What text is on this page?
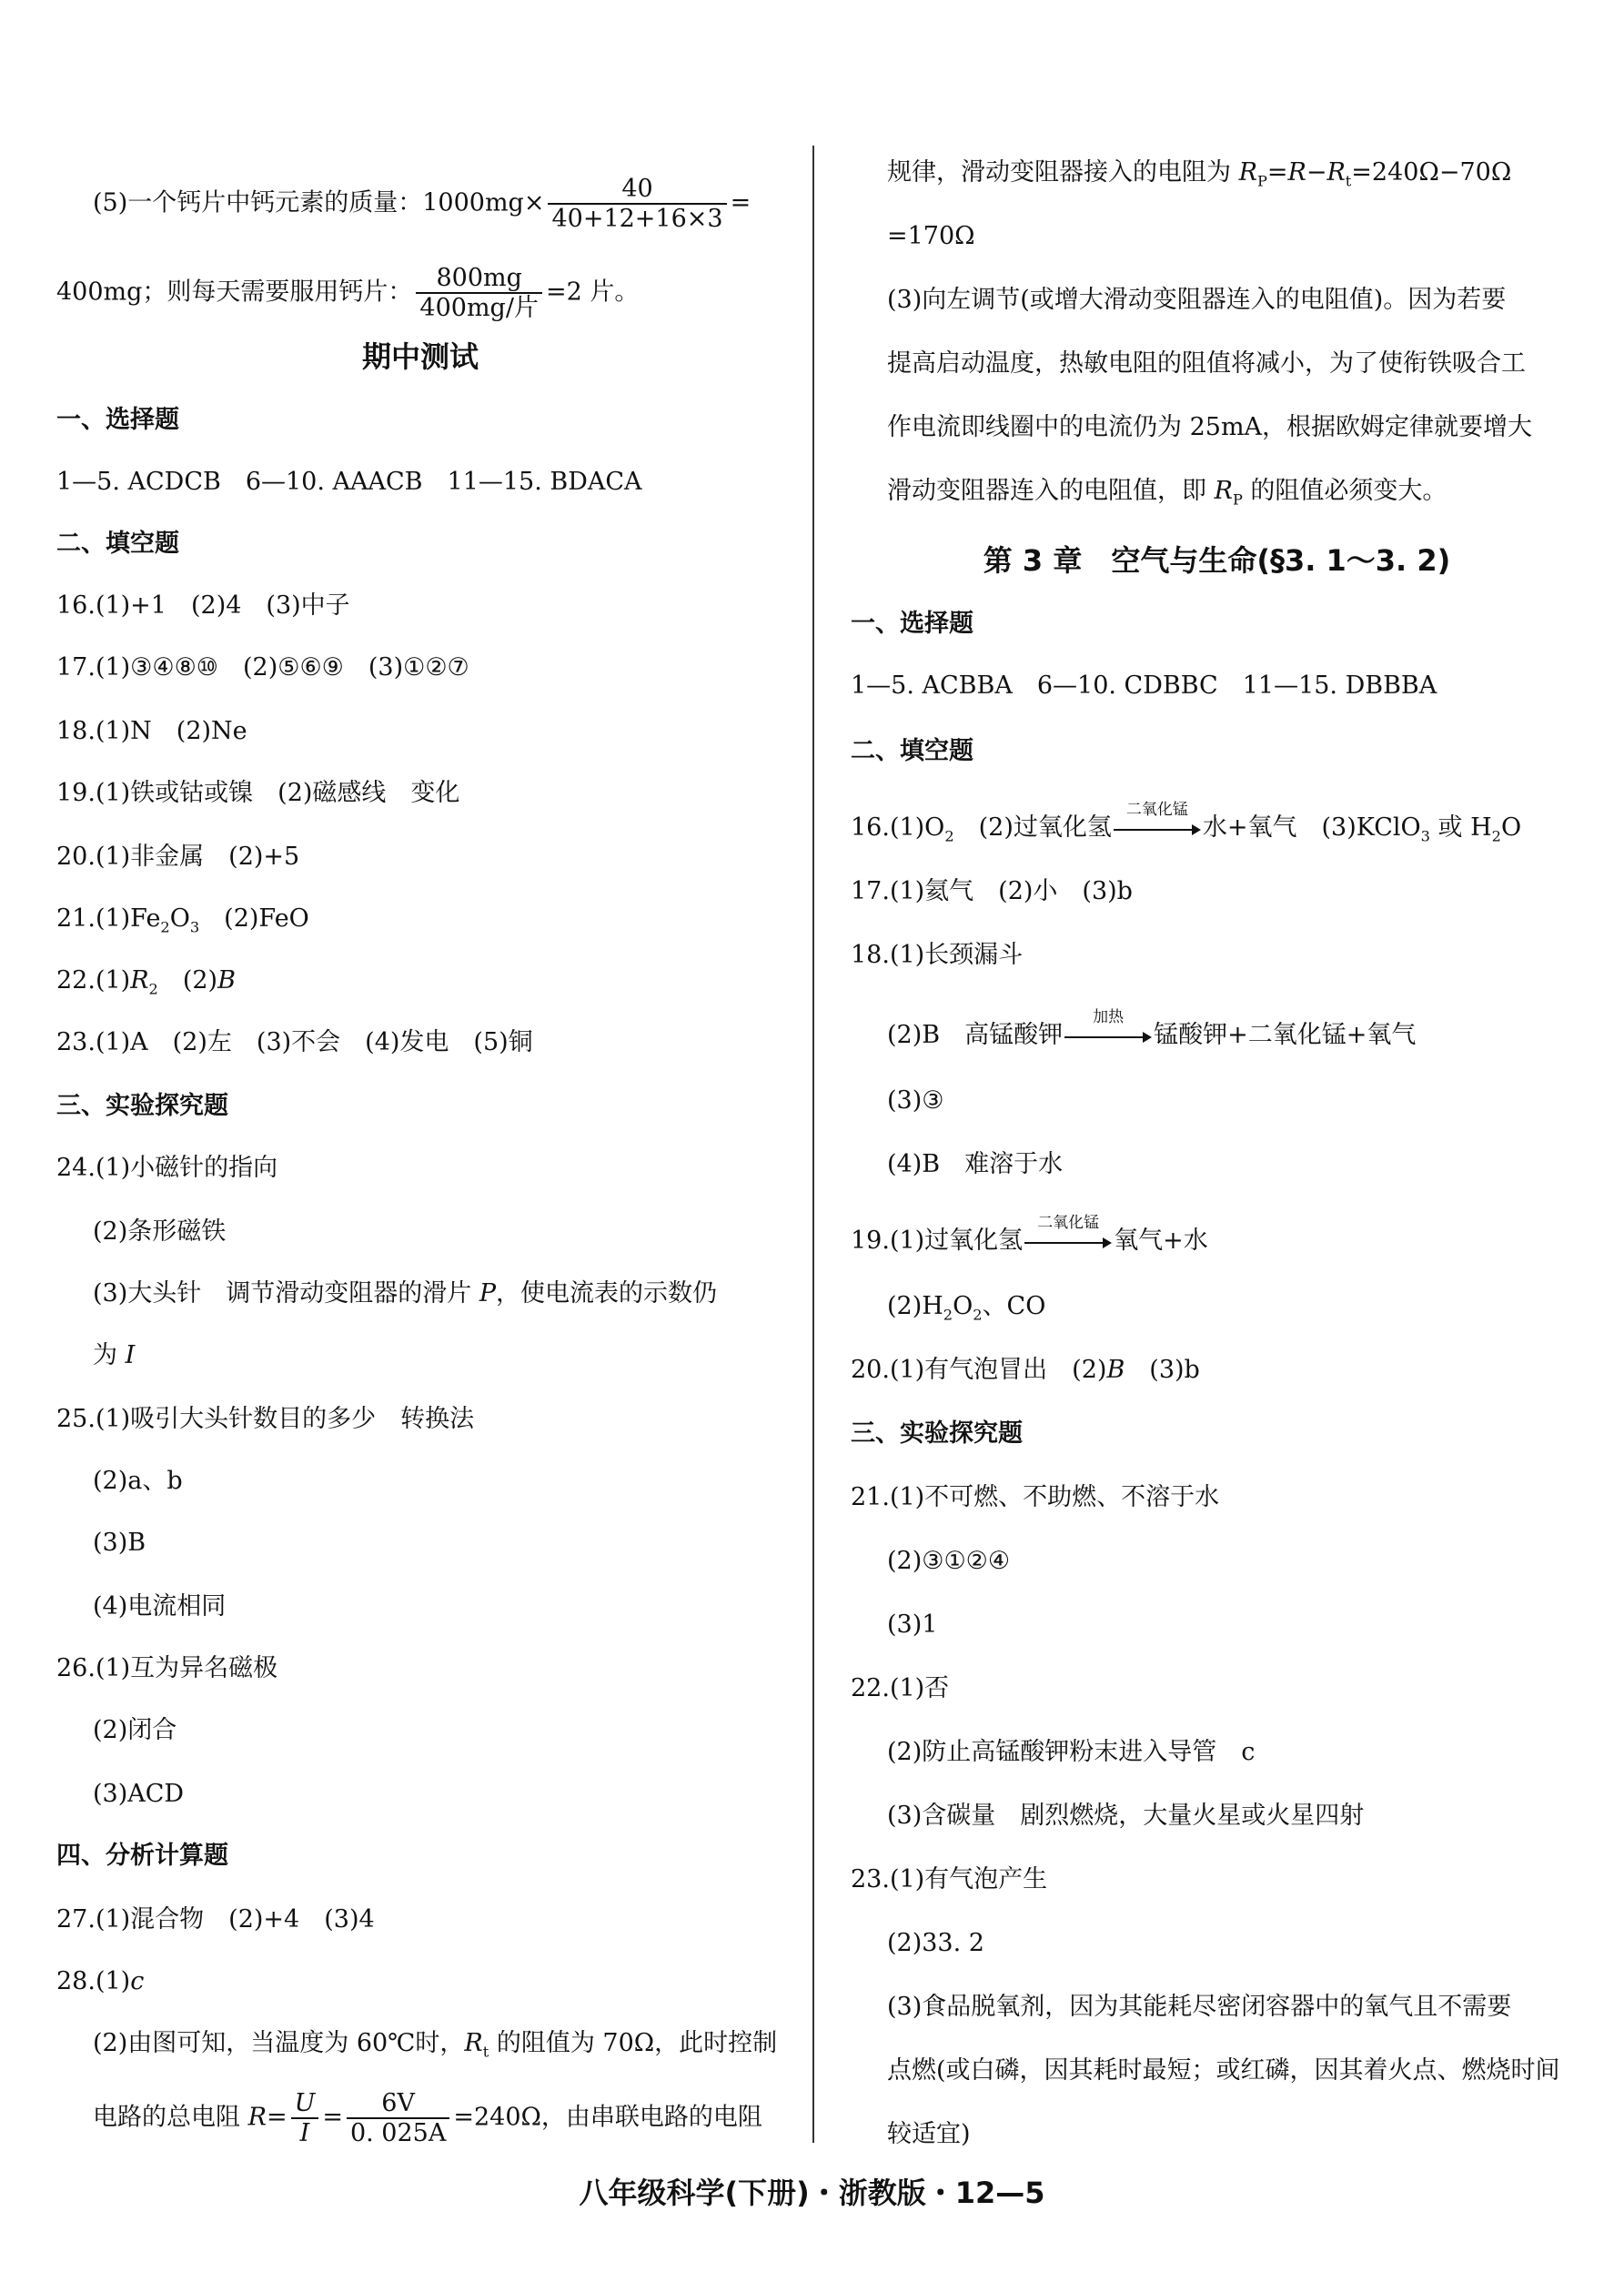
(5)一个钙片中钙元素的质量：$1000mg\times \frac{40}{40+12+16\times 3}$ =
400mg；则每天需要服用钙片： $\frac{800mg}{\text{400mg/片}} =2$ 片。
期中测试
一、选择题
1—5. ACDCB　6—10. AAACB　11—15. BDACA
二、填空题
16.(1)+1　(2)4　(3)中子
17.(1)③④⑧⑩　(2)⑤⑥⑨　(3)①②⑦
18.(1)N　(2)Ne
19.(1)铁或钴或镍　(2)磁感线　变化
20.(1)非金属　(2)+5
$21.(1)Fe_2O_3$　(2)FeO
$22.(1)R_2$　(2)B
23.(1)A　(2)左　(3)不会　(4)发电　(5)铜
三、实验探究题
24.(1)小磁针的指向
(2)条形磁铁
(3)大头针　调节滑动变阻器的滑片 P，使电流表的示数仍
为 I
25.(1)吸引大头针数目的多少　转换法
(2)a、b
(3)B
(4)电流相同
26.(1)互为异名磁极
(2)闭合
(3)ACD
四、分析计算题
27.(1)混合物　(2)+4　(3)4
28.(1)c
(2)由图可知，当温度为 60℃时，$R_t$ 的阻值为 70Ω，此时控制
电路的总电阻 $R= \frac{U}{I} = \frac{6V}{0. 025A} =240\Omega$，由串联电路的电阻
规律，滑动变阻器接入的电阻为 $R_P=R-R_t=240\Omega-70\Omega$
=170Ω
(3)向左调节(或增大滑动变阻器连入的电阻值)。因为若要
提高启动温度，热敏电阻的阻值将减小，为了使衔铁吸合工
作电流即线圈中的电流仍为 25mA，根据欧姆定律就要增大
滑动变阻器连入的电阻值，即 $R_P$ 的阻值必须变大。
第 3 章　空气与生命(§3. 1～3. 2)
一、选择题
1—5. ACBBA　6—10. CDBBC　11—15. DBBBA
二、填空题
$16.(1)O_2$　(2)过氧化氢
二氧化锰
水+氧气　(3)KClO$_3$ 或 $H_2O$
17.(1)氦气　(2)小　(3)b
18.(1)长颈漏斗
(2)B　高锰酸钾
加热
锰酸钾+二氧化锰+氧气
(3)③
(4)B　难溶于水
19.(1)过氧化氢
二氧化锰
氧气+水
$(2)H_2O_2$、CO
20.(1)有气泡冒出　(2)B　(3)b
三、实验探究题
21.(1)不可燃、不助燃、不溶于水
(2)③①②④
(3)1
22.(1)否
(2)防止高锰酸钾粉末进入导管　c
(3)含碳量　剧烈燃烧，大量火星或火星四射
23.(1)有气泡产生
(2)33. 2
(3)食品脱氧剂，因为其能耗尽密闭容器中的氧气且不需要
点燃(或白磷，因其耗时最短；或红磷，因其着火点、燃烧时间
较适宜)
八年级科学(下册)・浙教版・12—5
